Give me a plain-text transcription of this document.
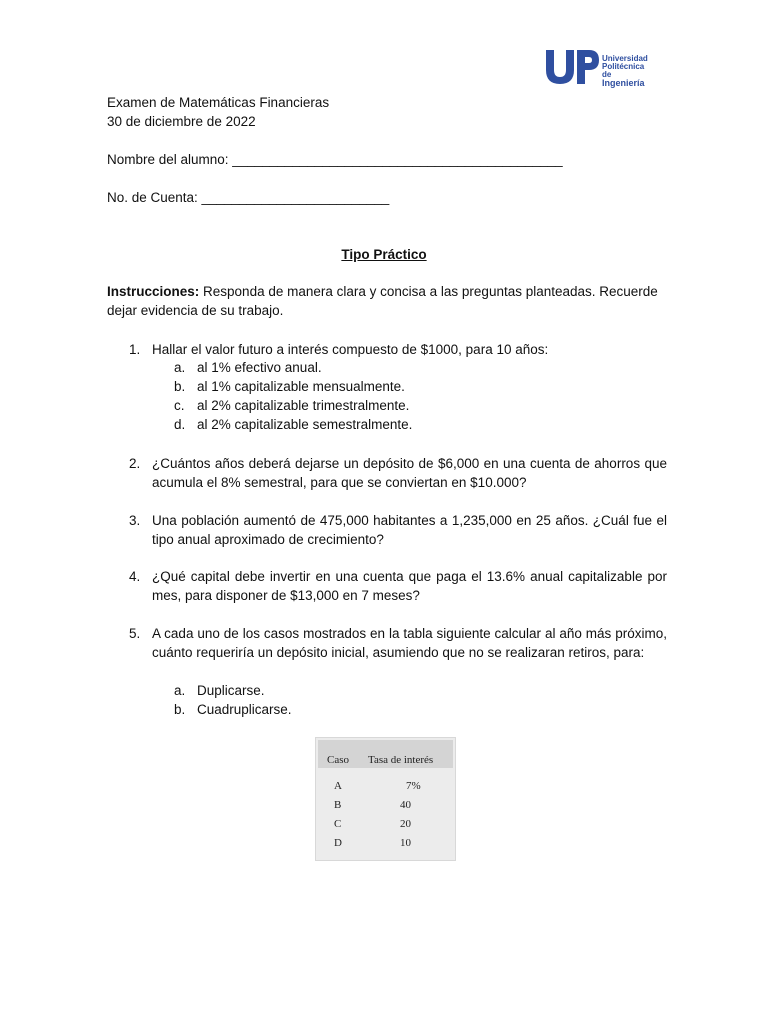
Universidad
Politécnica de
Ingeniería
Examen de Matemáticas Financieras
30 de diciembre de 2022
Nombre del alumno: ____________________________________________
No. de Cuenta: _________________________
Tipo Práctico
Instrucciones: Responda de manera clara y concisa a las preguntas planteadas. Recuerde dejar evidencia de su trabajo.
1. Hallar el valor futuro a interés compuesto de $1000, para 10 años:
a. al 1% efectivo anual.
b. al 1% capitalizable mensualmente.
c. al 2% capitalizable trimestralmente.
d. al 2% capitalizable semestralmente.
2. ¿Cuántos años deberá dejarse un depósito de $6,000 en una cuenta de ahorros que acumula el 8% semestral, para que se conviertan en $10.000?
3. Una población aumentó de 475,000 habitantes a 1,235,000 en 25 años. ¿Cuál fue el tipo anual aproximado de crecimiento?
4. ¿Qué capital debe invertir en una cuenta que paga el 13.6% anual capitalizable por mes, para disponer de $13,000 en 7 meses?
5. A cada uno de los casos mostrados en la tabla siguiente calcular al año más próximo, cuánto requeriría un depósito inicial, asumiendo que no se realizaran retiros, para:
a. Duplicarse.
b. Cuadruplicarse.
Caso Tasa de interés
A	7%
B	40
C	20
D	10
